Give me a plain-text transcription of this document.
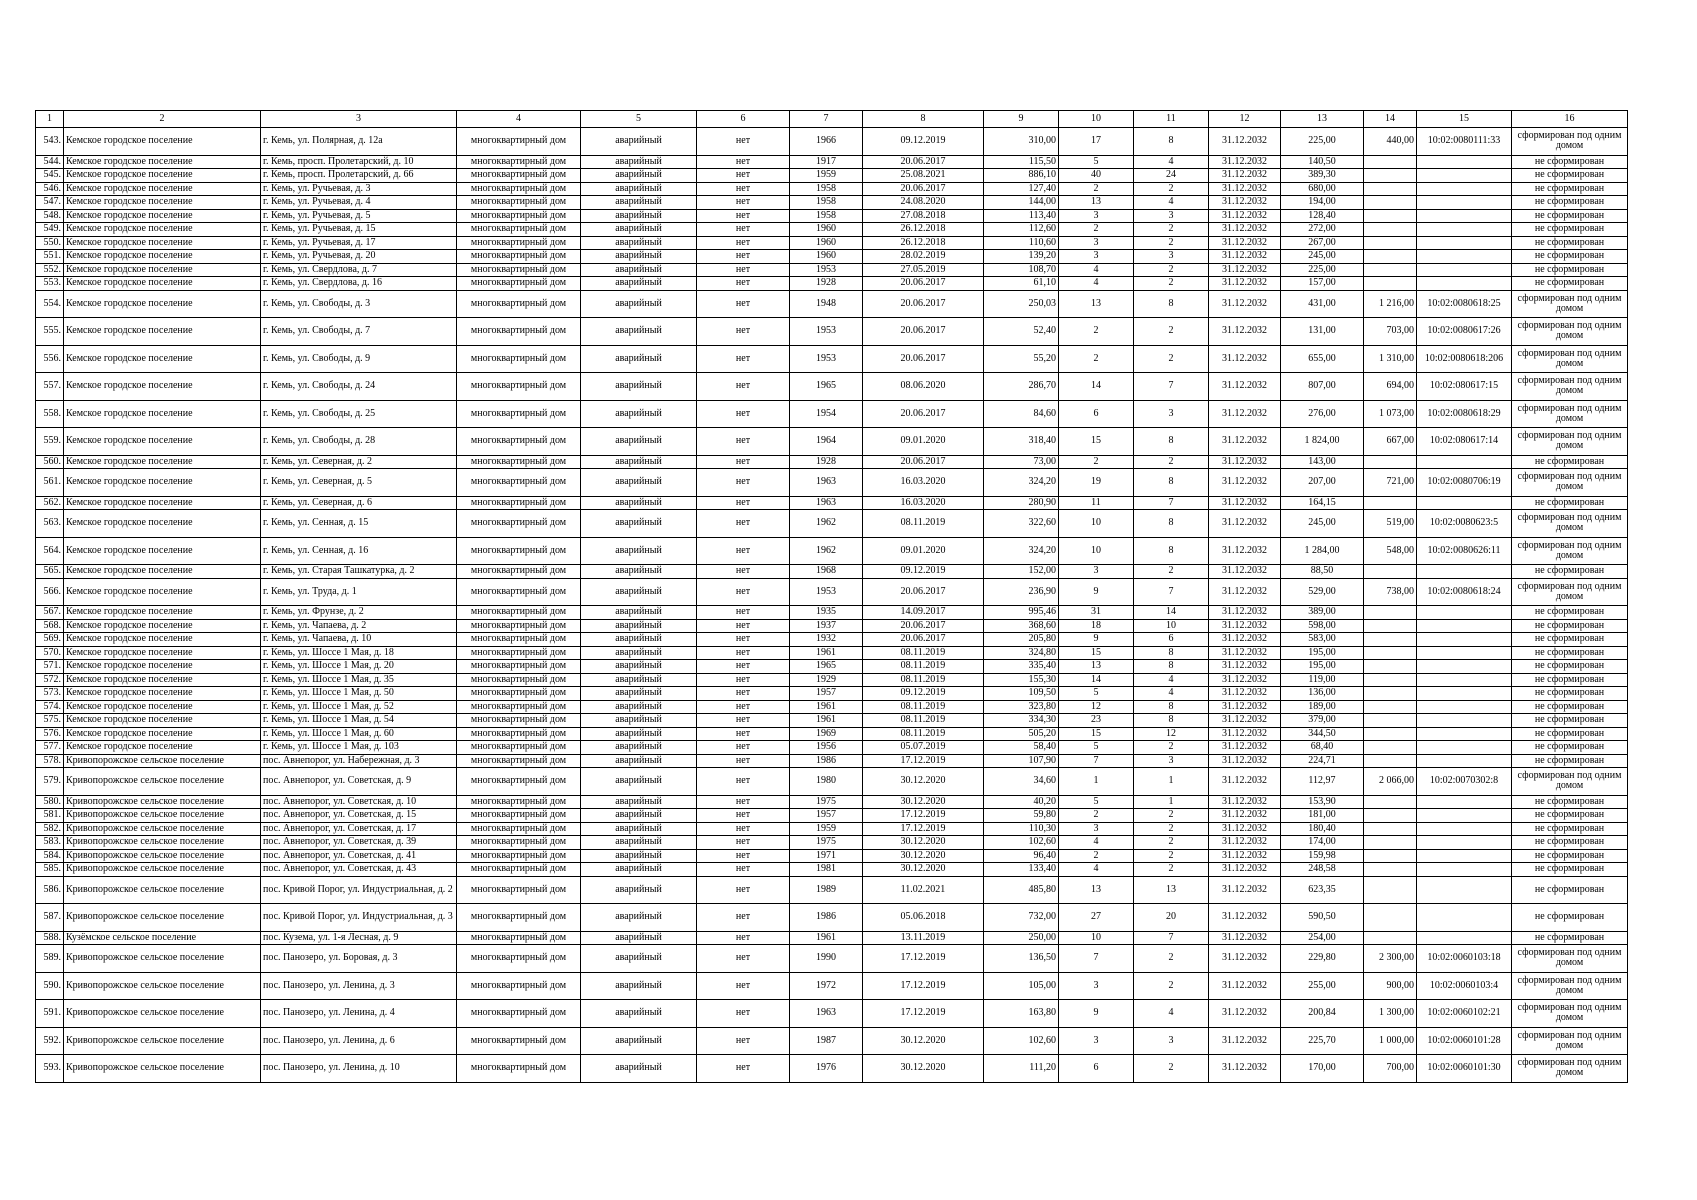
1	2	3	4	5	6	7	8	9	10	11	12	13	14	15	16
543.	Кемское городское поселение	г. Кемь, ул. Полярная, д. 12а	многоквартирный дом	аварийный	нет	1966	09.12.2019	310,00	17	8	31.12.2032	225,00	440,00	10:02:0080111:33	сформирован под одним домом
544.	Кемское городское поселение	г. Кемь, просп. Пролетарский, д. 10	многоквартирный дом	аварийный	нет	1917	20.06.2017	115,50	5	4	31.12.2032	140,50			не сформирован
545.	Кемское городское поселение	г. Кемь, просп. Пролетарский, д. 66	многоквартирный дом	аварийный	нет	1959	25.08.2021	886,10	40	24	31.12.2032	389,30			не сформирован
546.	Кемское городское поселение	г. Кемь, ул. Ручьевая, д. 3	многоквартирный дом	аварийный	нет	1958	20.06.2017	127,40	2	2	31.12.2032	680,00			не сформирован
547.	Кемское городское поселение	г. Кемь, ул. Ручьевая, д. 4	многоквартирный дом	аварийный	нет	1958	24.08.2020	144,00	13	4	31.12.2032	194,00			не сформирован
548.	Кемское городское поселение	г. Кемь, ул. Ручьевая, д. 5	многоквартирный дом	аварийный	нет	1958	27.08.2018	113,40	3	3	31.12.2032	128,40			не сформирован
549.	Кемское городское поселение	г. Кемь, ул. Ручьевая, д. 15	многоквартирный дом	аварийный	нет	1960	26.12.2018	112,60	2	2	31.12.2032	272,00			не сформирован
550.	Кемское городское поселение	г. Кемь, ул. Ручьевая, д. 17	многоквартирный дом	аварийный	нет	1960	26.12.2018	110,60	3	2	31.12.2032	267,00			не сформирован
551.	Кемское городское поселение	г. Кемь, ул. Ручьевая, д. 20	многоквартирный дом	аварийный	нет	1960	28.02.2019	139,20	3	3	31.12.2032	245,00			не сформирован
552.	Кемское городское поселение	г. Кемь, ул. Свердлова, д. 7	многоквартирный дом	аварийный	нет	1953	27.05.2019	108,70	4	2	31.12.2032	225,00			не сформирован
553.	Кемское городское поселение	г. Кемь, ул. Свердлова, д. 16	многоквартирный дом	аварийный	нет	1928	20.06.2017	61,10	4	2	31.12.2032	157,00			не сформирован
554.	Кемское городское поселение	г. Кемь, ул. Свободы, д. 3	многоквартирный дом	аварийный	нет	1948	20.06.2017	250,03	13	8	31.12.2032	431,00	1 216,00	10:02:0080618:25	сформирован под одним домом
555.	Кемское городское поселение	г. Кемь, ул. Свободы, д. 7	многоквартирный дом	аварийный	нет	1953	20.06.2017	52,40	2	2	31.12.2032	131,00	703,00	10:02:0080617:26	сформирован под одним домом
556.	Кемское городское поселение	г. Кемь, ул. Свободы, д. 9	многоквартирный дом	аварийный	нет	1953	20.06.2017	55,20	2	2	31.12.2032	655,00	1 310,00	10:02:0080618:206	сформирован под одним домом
557.	Кемское городское поселение	г. Кемь, ул. Свободы, д. 24	многоквартирный дом	аварийный	нет	1965	08.06.2020	286,70	14	7	31.12.2032	807,00	694,00	10:02:080617:15	сформирован под одним домом
558.	Кемское городское поселение	г. Кемь, ул. Свободы, д. 25	многоквартирный дом	аварийный	нет	1954	20.06.2017	84,60	6	3	31.12.2032	276,00	1 073,00	10:02:0080618:29	сформирован под одним домом
559.	Кемское городское поселение	г. Кемь, ул. Свободы, д. 28	многоквартирный дом	аварийный	нет	1964	09.01.2020	318,40	15	8	31.12.2032	1 824,00	667,00	10:02:080617:14	сформирован под одним домом
560.	Кемское городское поселение	г. Кемь, ул. Северная, д. 2	многоквартирный дом	аварийный	нет	1928	20.06.2017	73,00	2	2	31.12.2032	143,00			не сформирован
561.	Кемское городское поселение	г. Кемь, ул. Северная, д. 5	многоквартирный дом	аварийный	нет	1963	16.03.2020	324,20	19	8	31.12.2032	207,00	721,00	10:02:0080706:19	сформирован под одним домом
562.	Кемское городское поселение	г. Кемь, ул. Северная, д. 6	многоквартирный дом	аварийный	нет	1963	16.03.2020	280,90	11	7	31.12.2032	164,15			не сформирован
563.	Кемское городское поселение	г. Кемь, ул. Сенная, д. 15	многоквартирный дом	аварийный	нет	1962	08.11.2019	322,60	10	8	31.12.2032	245,00	519,00	10:02:0080623:5	сформирован под одним домом
564.	Кемское городское поселение	г. Кемь, ул. Сенная, д. 16	многоквартирный дом	аварийный	нет	1962	09.01.2020	324,20	10	8	31.12.2032	1 284,00	548,00	10:02:0080626:11	сформирован под одним домом
565.	Кемское городское поселение	г. Кемь, ул. Старая Ташкатурка, д. 2	многоквартирный дом	аварийный	нет	1968	09.12.2019	152,00	3	2	31.12.2032	88,50			не сформирован
566.	Кемское городское поселение	г. Кемь, ул. Труда, д. 1	многоквартирный дом	аварийный	нет	1953	20.06.2017	236,90	9	7	31.12.2032	529,00	738,00	10:02:0080618:24	сформирован под одним домом
567.	Кемское городское поселение	г. Кемь, ул. Фрунзе, д. 2	многоквартирный дом	аварийный	нет	1935	14.09.2017	995,46	31	14	31.12.2032	389,00			не сформирован
568.	Кемское городское поселение	г. Кемь, ул. Чапаева, д. 2	многоквартирный дом	аварийный	нет	1937	20.06.2017	368,60	18	10	31.12.2032	598,00			не сформирован
569.	Кемское городское поселение	г. Кемь, ул. Чапаева, д. 10	многоквартирный дом	аварийный	нет	1932	20.06.2017	205,80	9	6	31.12.2032	583,00			не сформирован
570.	Кемское городское поселение	г. Кемь, ул. Шоссе 1 Мая, д. 18	многоквартирный дом	аварийный	нет	1961	08.11.2019	324,80	15	8	31.12.2032	195,00			не сформирован
571.	Кемское городское поселение	г. Кемь, ул. Шоссе 1 Мая, д. 20	многоквартирный дом	аварийный	нет	1965	08.11.2019	335,40	13	8	31.12.2032	195,00			не сформирован
572.	Кемское городское поселение	г. Кемь, ул. Шоссе 1 Мая, д. 35	многоквартирный дом	аварийный	нет	1929	08.11.2019	155,30	14	4	31.12.2032	119,00			не сформирован
573.	Кемское городское поселение	г. Кемь, ул. Шоссе 1 Мая, д. 50	многоквартирный дом	аварийный	нет	1957	09.12.2019	109,50	5	4	31.12.2032	136,00			не сформирован
574.	Кемское городское поселение	г. Кемь, ул. Шоссе 1 Мая, д. 52	многоквартирный дом	аварийный	нет	1961	08.11.2019	323,80	12	8	31.12.2032	189,00			не сформирован
575.	Кемское городское поселение	г. Кемь, ул. Шоссе 1 Мая, д. 54	многоквартирный дом	аварийный	нет	1961	08.11.2019	334,30	23	8	31.12.2032	379,00			не сформирован
576.	Кемское городское поселение	г. Кемь, ул. Шоссе 1 Мая, д. 60	многоквартирный дом	аварийный	нет	1969	08.11.2019	505,20	15	12	31.12.2032	344,50			не сформирован
577.	Кемское городское поселение	г. Кемь, ул. Шоссе 1 Мая, д. 103	многоквартирный дом	аварийный	нет	1956	05.07.2019	58,40	5	2	31.12.2032	68,40			не сформирован
578.	Кривопорожское сельское поселение	пос. Авнепорог, ул. Набережная, д. 3	многоквартирный дом	аварийный	нет	1986	17.12.2019	107,90	7	3	31.12.2032	224,71			не сформирован
579.	Кривопорожское сельское поселение	пос. Авнепорог, ул. Советская, д. 9	многоквартирный дом	аварийный	нет	1980	30.12.2020	34,60	1	1	31.12.2032	112,97	2 066,00	10:02:0070302:8	сформирован под одним домом
580.	Кривопорожское сельское поселение	пос. Авнепорог, ул. Советская, д. 10	многоквартирный дом	аварийный	нет	1975	30.12.2020	40,20	5	1	31.12.2032	153,90			не сформирован
581.	Кривопорожское сельское поселение	пос. Авнепорог, ул. Советская, д. 15	многоквартирный дом	аварийный	нет	1957	17.12.2019	59,80	2	2	31.12.2032	181,00			не сформирован
582.	Кривопорожское сельское поселение	пос. Авнепорог, ул. Советская, д. 17	многоквартирный дом	аварийный	нет	1959	17.12.2019	110,30	3	2	31.12.2032	180,40			не сформирован
583.	Кривопорожское сельское поселение	пос. Авнепорог, ул. Советская, д. 39	многоквартирный дом	аварийный	нет	1975	30.12.2020	102,60	4	2	31.12.2032	174,00			не сформирован
584.	Кривопорожское сельское поселение	пос. Авнепорог, ул. Советская, д. 41	многоквартирный дом	аварийный	нет	1971	30.12.2020	96,40	2	2	31.12.2032	159,98			не сформирован
585.	Кривопорожское сельское поселение	пос. Авнепорог, ул. Советская, д. 43	многоквартирный дом	аварийный	нет	1981	30.12.2020	133,40	4	2	31.12.2032	248,58			не сформирован
586.	Кривопорожское сельское поселение	пос. Кривой Порог, ул. Индустриальная, д. 2	многоквартирный дом	аварийный	нет	1989	11.02.2021	485,80	13	13	31.12.2032	623,35			не сформирован
587.	Кривопорожское сельское поселение	пос. Кривой Порог, ул. Индустриальная, д. 3	многоквартирный дом	аварийный	нет	1986	05.06.2018	732,00	27	20	31.12.2032	590,50			не сформирован
588.	Кузёмское сельское поселение	пос. Кузема, ул. 1-я Лесная, д. 9	многоквартирный дом	аварийный	нет	1961	13.11.2019	250,00	10	7	31.12.2032	254,00			не сформирован
589.	Кривопорожское сельское поселение	пос. Панозеро, ул. Боровая, д. 3	многоквартирный дом	аварийный	нет	1990	17.12.2019	136,50	7	2	31.12.2032	229,80	2 300,00	10:02:0060103:18	сформирован под одним домом
590.	Кривопорожское сельское поселение	пос. Панозеро, ул. Ленина, д. 3	многоквартирный дом	аварийный	нет	1972	17.12.2019	105,00	3	2	31.12.2032	255,00	900,00	10:02:0060103:4	сформирован под одним домом
591.	Кривопорожское сельское поселение	пос. Панозеро, ул. Ленина, д. 4	многоквартирный дом	аварийный	нет	1963	17.12.2019	163,80	9	4	31.12.2032	200,84	1 300,00	10:02:0060102:21	сформирован под одним домом
592.	Кривопорожское сельское поселение	пос. Панозеро, ул. Ленина, д. 6	многоквартирный дом	аварийный	нет	1987	30.12.2020	102,60	3	3	31.12.2032	225,70	1 000,00	10:02:0060101:28	сформирован под одним домом
593.	Кривопорожское сельское поселение	пос. Панозеро, ул. Ленина, д. 10	многоквартирный дом	аварийный	нет	1976	30.12.2020	111,20	6	2	31.12.2032	170,00	700,00	10:02:0060101:30	сформирован под одним домом
